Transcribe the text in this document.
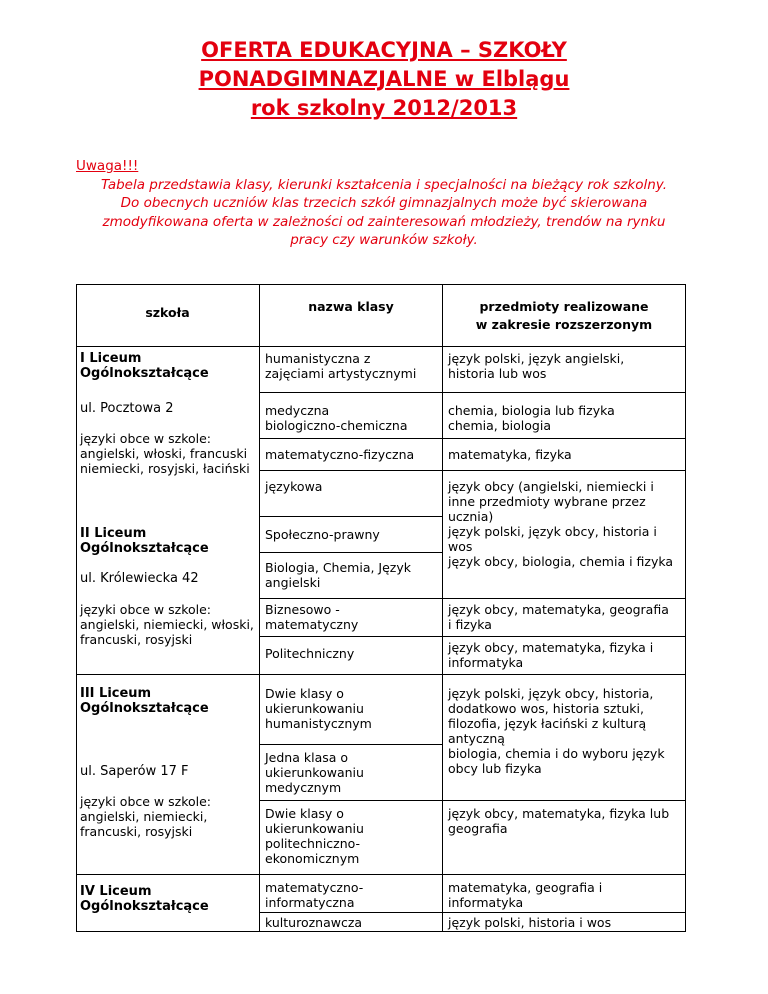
OFERTA EDUKACYJNA – SZKOŁY
PONADGIMNAZJALNE w Elblągu
rok szkolny 2012/2013
Uwaga!!!
Tabela przedstawia klasy, kierunki kształcenia i specjalności na bieżący rok szkolny.
Do obecnych uczniów klas trzecich szkół gimnazjalnych może być skierowana
zmodyfikowana oferta w zależności od zainteresowań młodzieży, trendów na rynku
pracy czy warunków szkoły.
szkoła	nazwa klasy	przedmioty realizowane
w zakresie rozszerzonym
I Liceum
Ogólnokształcące
ul. Pocztowa 2
języki obce w szkole:
angielski, włoski, francuski
niemiecki, rosyjski, łaciński
II Liceum
Ogólnokształcące
ul. Królewiecka 42
języki obce w szkole:
angielski, niemiecki, włoski,
francuski, rosyjski
III Liceum
Ogólnokształcące
ul. Saperów 17 F
języki obce w szkole:
angielski, niemiecki,
francuski, rosyjski
IV Liceum
Ogólnokształcące
humanistyczna z
zajęciami artystycznymi
medyczna
biologiczno-chemiczna
matematyczno-fizyczna
językowa
Społeczno-prawny
Biologia, Chemia, Język
angielski
Biznesowo -
matematyczny
Politechniczny
Dwie klasy o
ukierunkowaniu
humanistycznym
Jedna klasa o
ukierunkowaniu
medycznym
Dwie klasy o
ukierunkowaniu
politechniczno-
ekonomicznym
matematyczno-
informatyczna
kulturoznawcza
język polski, język angielski,
historia lub wos
chemia, biologia lub fizyka
chemia, biologia
matematyka, fizyka
język obcy (angielski, niemiecki i
inne przedmioty wybrane przez
ucznia)
język polski, język obcy, historia i
wos
język obcy, biologia, chemia i fizyka
język obcy, matematyka, geografia
i fizyka
język obcy, matematyka, fizyka i
informatyka
język polski, język obcy, historia,
dodatkowo wos, historia sztuki,
filozofia, język łaciński z kulturą
antyczną
biologia, chemia i do wyboru język
obcy lub fizyka
język obcy, matematyka, fizyka lub
geografia
matematyka, geografia i
informatyka
język polski, historia i wos
